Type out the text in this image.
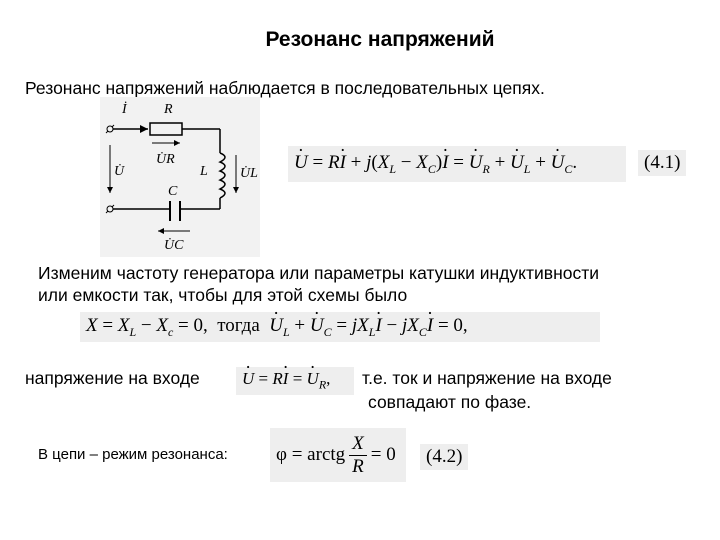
Резонанс напряжений
Резонанс напряжений наблюдается в последовательных цепях.
İ	R
U̇R
L U̇L
U̇
C
U̇C
· $U = R\cdot I + j(X_L - X_C)\cdot I$ = · $U_R$ + · $U_L$ + · $U_C$.	(4.1)
Изменим частоту генератора или параметры катушки индуктивности
или емкости так, чтобы для этой схемы было
$X = X_L - X_c = 0$,  тогда · $U_L$ + · $U_C = jX_L\cdot I - jX_C\cdot I = 0$,
напряжение на входе · U = R· I = · $U_R$, т.е. ток и напряжение на входе
совпадают по фазе.
В цепи – режим резонанса:	φ = arctg $\frac{X}{R} = 0$	(4.2)
